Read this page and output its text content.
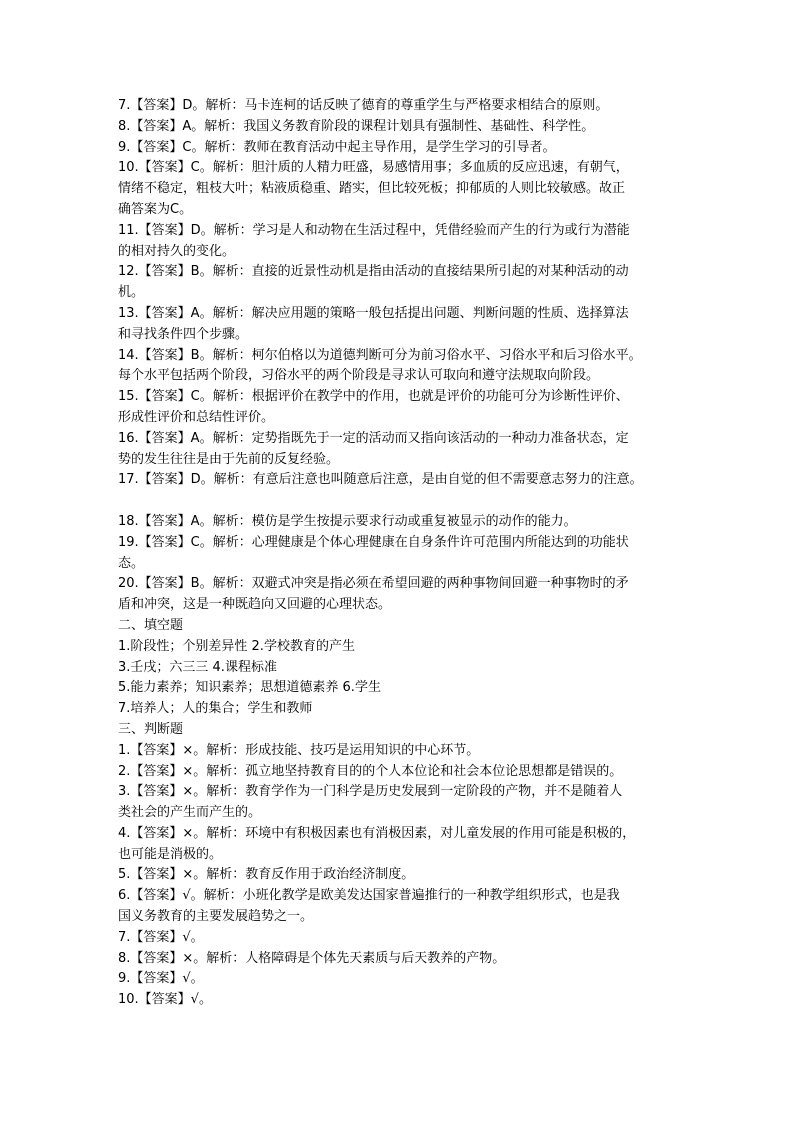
7.【答案】D。解析：马卡连柯的话反映了德育的尊重学生与严格要求相结合的原则。
8.【答案】A。解析：我国义务教育阶段的课程计划具有强制性、基础性、科学性。
9.【答案】C。解析：教师在教育活动中起主导作用，是学生学习的引导者。
10.【答案】C。解析：胆汁质的人精力旺盛，易感情用事；多血质的反应迅速，有朝气，
情绪不稳定，粗枝大叶；粘液质稳重、踏实，但比较死板；抑郁质的人则比较敏感。故正
确答案为C。
11.【答案】D。解析：学习是人和动物在生活过程中，凭借经验而产生的行为或行为潜能
的相对持久的变化。
12.【答案】B。解析：直接的近景性动机是指由活动的直接结果所引起的对某种活动的动
机。
13.【答案】A。解析：解决应用题的策略一般包括提出问题、判断问题的性质、选择算法
和寻找条件四个步骤。
14.【答案】B。解析：柯尔伯格以为道德判断可分为前习俗水平、习俗水平和后习俗水平。
每个水平包括两个阶段，习俗水平的两个阶段是寻求认可取向和遵守法规取向阶段。
15.【答案】C。解析：根据评价在教学中的作用，也就是评价的功能可分为诊断性评价、
形成性评价和总结性评价。
16.【答案】A。解析：定势指既先于一定的活动而又指向该活动的一种动力准备状态，定
势的发生往往是由于先前的反复经验。
17.【答案】D。解析：有意后注意也叫随意后注意，是由自觉的但不需要意志努力的注意。
18.【答案】A。解析：模仿是学生按提示要求行动或重复被显示的动作的能力。
19.【答案】C。解析：心理健康是个体心理健康在自身条件许可范围内所能达到的功能状
态。
20.【答案】B。解析：双避式冲突是指必须在希望回避的两种事物间回避一种事物时的矛
盾和冲突，这是一种既趋向又回避的心理状态。
二、填空题
1.阶段性；个别差异性 2.学校教育的产生
3.壬戌；六三三 4.课程标准
5.能力素养；知识素养；思想道德素养 6.学生
7.培养人；人的集合；学生和教师
三、判断题
1.【答案】×。解析：形成技能、技巧是运用知识的中心环节。
2.【答案】×。解析：孤立地坚持教育目的的个人本位论和社会本位论思想都是错误的。
3.【答案】×。解析：教育学作为一门科学是历史发展到一定阶段的产物，并不是随着人
类社会的产生而产生的。
4.【答案】×。解析：环境中有积极因素也有消极因素，对儿童发展的作用可能是积极的，
也可能是消极的。
5.【答案】×。解析：教育反作用于政治经济制度。
6.【答案】√。解析：小班化教学是欧美发达国家普遍推行的一种教学组织形式，也是我
国义务教育的主要发展趋势之一。
7.【答案】√。
8.【答案】×。解析：人格障碍是个体先天素质与后天教养的产物。
9.【答案】√。
10.【答案】√。
